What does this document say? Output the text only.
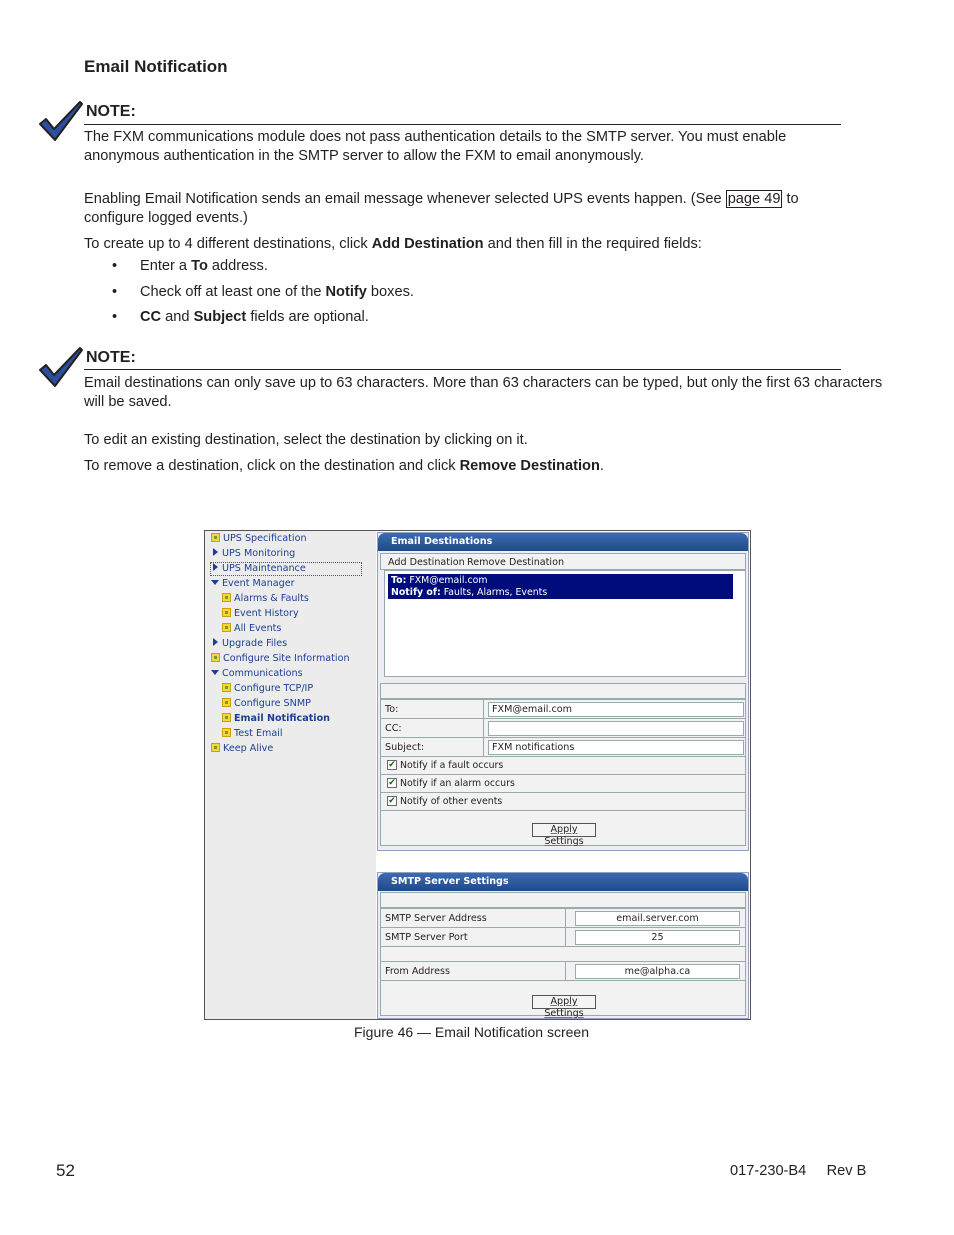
Email Notification
NOTE:
The FXM communications module does not pass authentication details to the SMTP server. You must enable anonymous authentication in the SMTP server to allow the FXM to email anonymously.
Enabling Email Notification sends an email message whenever selected UPS events happen. (See page 49 to configure logged events.)
To create up to 4 different destinations, click Add Destination and then fill in the required fields:
• Enter a To address.
• Check off at least one of the Notify boxes.
• CC and Subject fields are optional.
NOTE:
Email destinations can only save up to 63 characters. More than 63 characters can be typed, but only the first 63 characters will be saved.
To edit an existing destination, select the destination by clicking on it.
To remove a destination, click on the destination and click Remove Destination.
UPS Specification
UPS Monitoring
UPS Maintenance
Event Manager
Alarms & Faults
Event History
All Events
Upgrade Files
Configure Site Information
Communications
Configure TCP/IP
Configure SNMP
Email Notification
Test Email
Keep Alive
Email Destinations
Add Destination Remove Destination
To: FXM@email.com
Notify of: Faults, Alarms, Events
To:	FXM@email.com
CC:
Subject:	FXM notifications
✔ Notify if a fault occurs
✔ Notify if an alarm occurs
✔ Notify of other events
Apply Settings
SMTP Server Settings
SMTP Server Address	email.server.com
SMTP Server Port	25
From Address	me@alpha.ca
Apply Settings
Figure 46 — Email Notification screen
52	017-230-B4 Rev B
